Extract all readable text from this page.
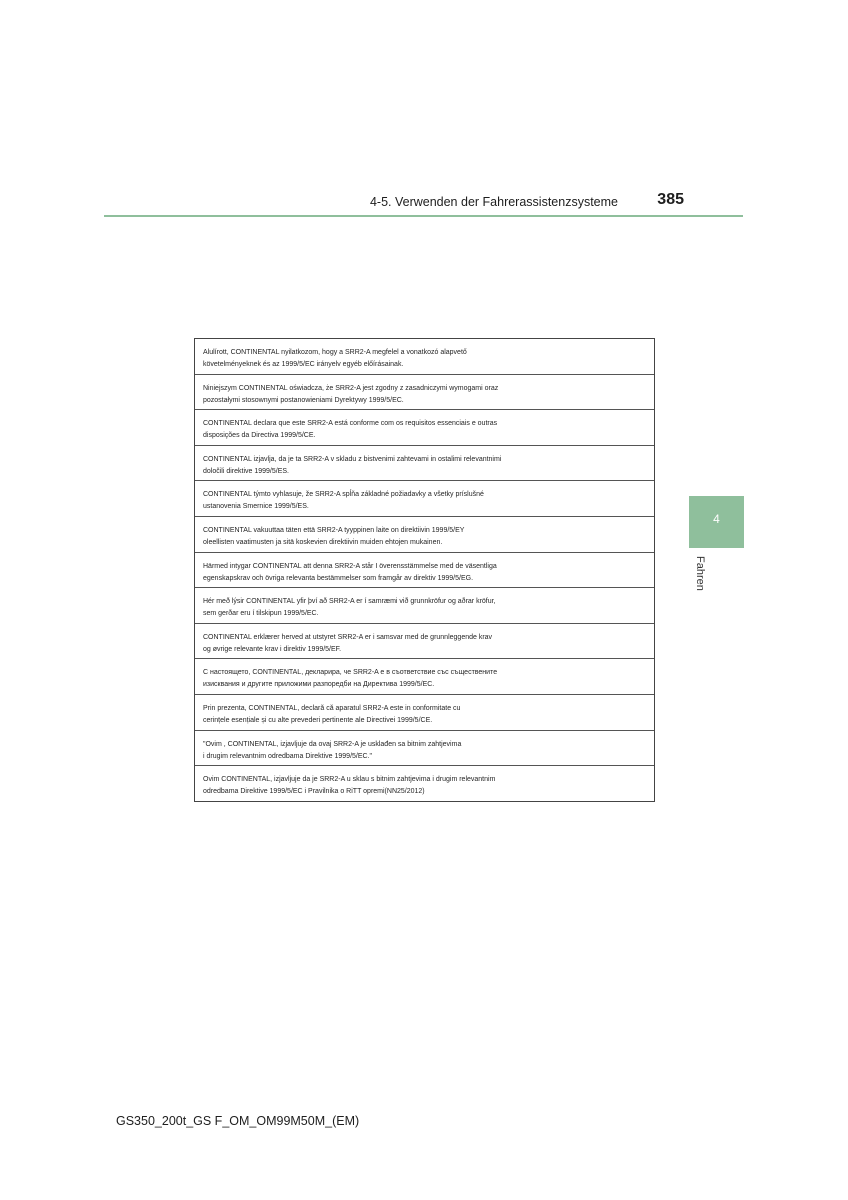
4-5. Verwenden der Fahrerassistenzsysteme	385
4
Fahren
Alulírott, CONTINENTAL nyilatkozom, hogy a SRR2-A megfelel a vonatkozó alapvető
követelményeknek és az 1999/5/EC irányelv egyéb előírásainak.
Niniejszym CONTINENTAL oświadcza, że SRR2-A jest zgodny z zasadniczymi wymogami oraz
pozostałymi stosownymi postanowieniami Dyrektywy 1999/5/EC.
CONTINENTAL declara que este SRR2-A está conforme com os requisitos essenciais e outras
disposições da Directiva 1999/5/CE.
CONTINENTAL izjavlja, da je ta SRR2-A v skladu z bistvenimi zahtevami in ostalimi relevantnimi
določili direktive 1999/5/ES.
CONTINENTAL týmto vyhlasuje, že SRR2-A spĺňa základné požiadavky a všetky príslušné
ustanovenia Smernice 1999/5/ES.
CONTINENTAL vakuuttaa täten että SRR2-A tyyppinen laite on direktiivin 1999/5/EY
oleellisten vaatimusten ja sitä koskevien direktiivin muiden ehtojen mukainen.
Härmed intygar CONTINENTAL att denna SRR2-A står I överensstämmelse med de väsentliga
egenskapskrav och övriga relevanta bestämmelser som framgår av direktiv 1999/5/EG.
Hér með lýsir CONTINENTAL yfir því að SRR2-A er í samræmi við grunnkröfur og aðrar kröfur,
sem gerðar eru í tilskipun 1999/5/EC.
CONTINENTAL erklærer herved at utstyret SRR2-A er i samsvar med de grunnleggende krav
og øvrige relevante krav i direktiv 1999/5/EF.
С настоящето, CONTINENTAL, декларира, че SRR2-A е в съответствие със съществените
изисквания и другите приложими разпоредби на Директива 1999/5/EC.
Prin prezenta, CONTINENTAL, declară că aparatul SRR2-A este in conformitate cu
cerințele esențiale și cu alte prevederi pertinente ale Directivei 1999/5/CE.
"Ovim , CONTINENTAL, izjavljuje da ovaj SRR2-A je usklađen sa bitnim zahtjevima
i drugim relevantnim odredbama Direktive 1999/5/EC."
Ovim CONTINENTAL, izjavljuje da je SRR2-A u sklau s bitnim zahtjevima i drugim relevantnim
odredbama Direktive 1999/5/EC i Pravilnika o RiTT opremi(NN25/2012)
GS350_200t_GS F_OM_OM99M50M_(EM)
